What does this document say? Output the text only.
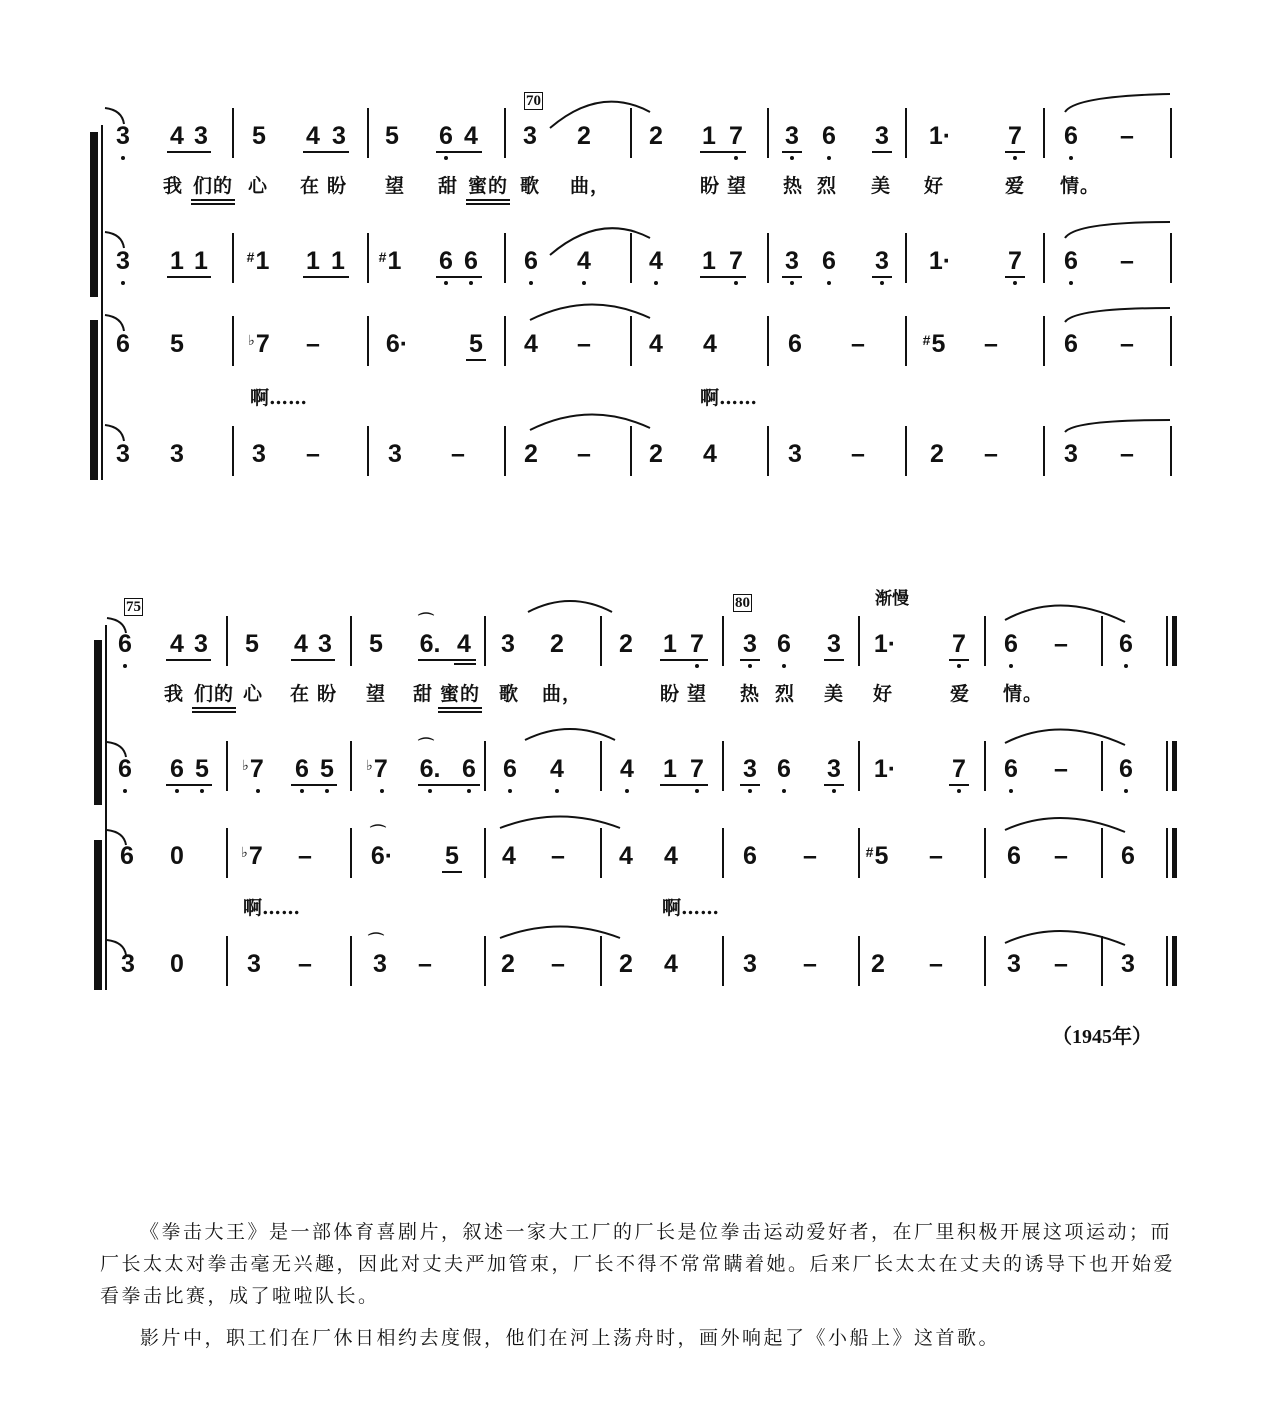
70
3 4 3 5 4 3 5 6 4 3 2 2 1 7 3 6 3 1· 7 6 –
3 1 1	#1 1 1 #1 6 6 6 4 4 1 7 3 6 3 1· 7 6 –
6 5	♭7 –	6· 5 4 – 4 4	6 –	#5 –	6 –
3 3	3 –	3 – 2 – 2 4	3 –	2 –	3 –
我 们的 心 在 盼 望 甜 蜜的 歌 曲，	盼 望 热 烈 美 好	爱 情。
啊……	啊……
75	80	渐慢
6 4 3 5 4 3 5 6.
⌒
4 3 2 2 1 7 3 6 3 1· 7 6 – 6
6 6 5 ♭7 6 5 ♭7 6.
⌒
6 6 4 4 1 7 3 6 3 1· 7 6 – 6
6 0	♭7 – 6·
⌒
5 4 – 4 4	6 –	#5 –	6 – 6
3 0	3 – 3
⌒
–	2 – 2 4	3 – 2 –	3 – 3
我 们的 心 在 盼 望 甜 蜜的 歌 曲，	盼 望 热 烈 美 好	爱 情。
啊……	啊……
《拳击大王》是一部体育喜剧片，叙述一家大工厂的厂长是位拳击运动爱好者，在厂里积极开展这项运动；而厂长太太对拳击毫无兴趣，因此对丈夫严加管束，厂长不得不常常瞒着她。后来厂长太太在丈夫的诱导下也开始爱看拳击比赛，成了啦啦队长。
影片中，职工们在厂休日相约去度假，他们在河上荡舟时，画外响起了《小船上》这首歌。
（1945年）
